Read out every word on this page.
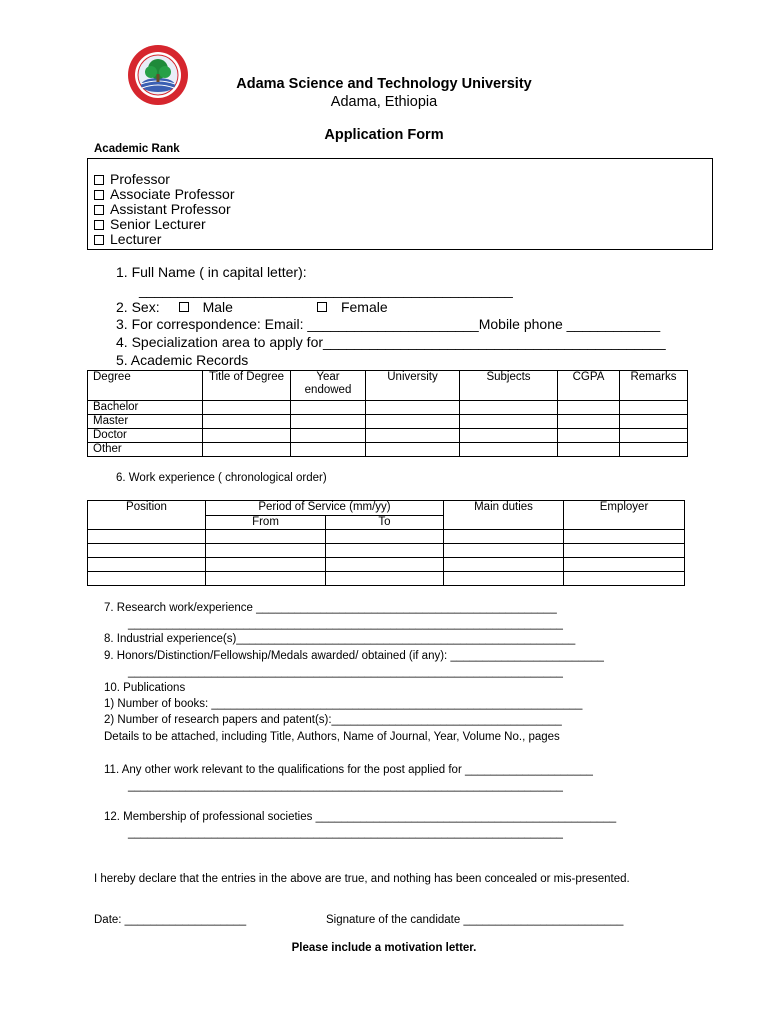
Adama Science and Technology University
Adama, Ethiopia
Application Form
Academic Rank
Professor
Associate Professor
Assistant Professor
Senior Lecturer
Lecturer
1. Full Name ( in capital letter):
________________________________________________
2. Sex:	Male	Female
3. For correspondence: Email: ______________________Mobile phone ____________
4. Specialization area to apply for____________________________________________
5. Academic Records
Degree	Title of Degree	Year endowed	University	Subjects	CGPA	Remarks
Bachelor						
Master						
Doctor						
Other						
6. Work experience ( chronological order)
Position	Period of Service (mm/yy)		Main duties	Employer
	From	To		

7. Research work/experience _______________________________________________
____________________________________________________________________
8. Industrial experience(s)_____________________________________________________
9. Honors/Distinction/Fellowship/Medals awarded/ obtained (if any): ________________________
____________________________________________________________________
10. Publications
1) Number of books: __________________________________________________________
2) Number of research papers and patent(s):____________________________________
Details to be attached, including Title, Authors, Name of Journal, Year, Volume No., pages
11. Any other work relevant to the qualifications for the post applied for ____________________
____________________________________________________________________
12. Membership of professional societies _______________________________________________
____________________________________________________________________
I hereby declare that the entries in the above are true, and nothing has been concealed or mis-presented.
Date: ___________________	Signature of the candidate _________________________
Please include a motivation letter.
